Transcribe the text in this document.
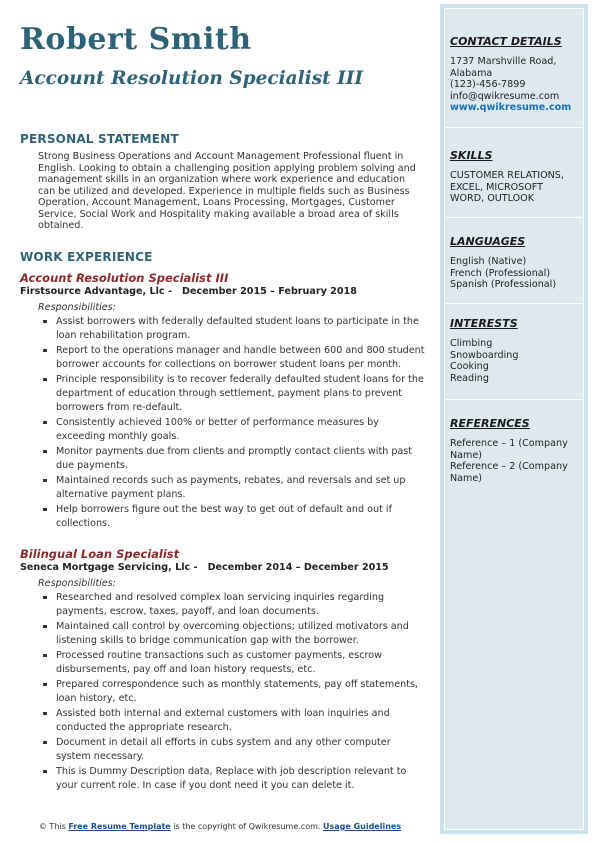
Robert Smith
Account Resolution Specialist III
PERSONAL STATEMENT
Strong Business Operations and Account Management Professional fluent in English. Looking to obtain a challenging position applying problem solving and management skills in an organization where work experience and education can be utilized and developed. Experience in multiple fields such as Business Operation, Account Management, Loans Processing, Mortgages, Customer Service, Social Work and Hospitality making available a broad area of skills obtained.
WORK EXPERIENCE
Account Resolution Specialist III
Firstsource Advantage, Llc - December 2015 – February 2018
Responsibilities:
Assist borrowers with federally defaulted student loans to participate in the loan rehabilitation program.
Report to the operations manager and handle between 600 and 800 student borrower accounts for collections on borrower student loans per month.
Principle responsibility is to recover federally defaulted student loans for the department of education through settlement, payment plans to prevent borrowers from re-default.
Consistently achieved 100% or better of performance measures by exceeding monthly goals.
Monitor payments due from clients and promptly contact clients with past due payments.
Maintained records such as payments, rebates, and reversals and set up alternative payment plans.
Help borrowers figure out the best way to get out of default and out if collections.
Bilingual Loan Specialist
Seneca Mortgage Servicing, Llc - December 2014 – December 2015
Responsibilities:
Researched and resolved complex loan servicing inquiries regarding payments, escrow, taxes, payoff, and loan documents.
Maintained call control by overcoming objections; utilized motivators and listening skills to bridge communication gap with the borrower.
Processed routine transactions such as customer payments, escrow disbursements, pay off and loan history requests, etc.
Prepared correspondence such as monthly statements, pay off statements, loan history, etc.
Assisted both internal and external customers with loan inquiries and conducted the appropriate research.
Document in detail all efforts in cubs system and any other computer system necessary.
This is Dummy Description data, Replace with job description relevant to your current role. In case if you dont need it you can delete it.
CONTACT DETAILS
1737 Marshville Road,
Alabama
(123)-456-7899
info@qwikresume.com
www.qwikresume.com
SKILLS
CUSTOMER RELATIONS,
EXCEL, MICROSOFT
WORD, OUTLOOK
LANGUAGES
English (Native)
French (Professional)
Spanish (Professional)
INTERESTS
Climbing
Snowboarding
Cooking
Reading
REFERENCES
Reference – 1 (Company
Name)
Reference – 2 (Company
Name)
© This Free Resume Template is the copyright of Qwikresume.com. Usage Guidelines
